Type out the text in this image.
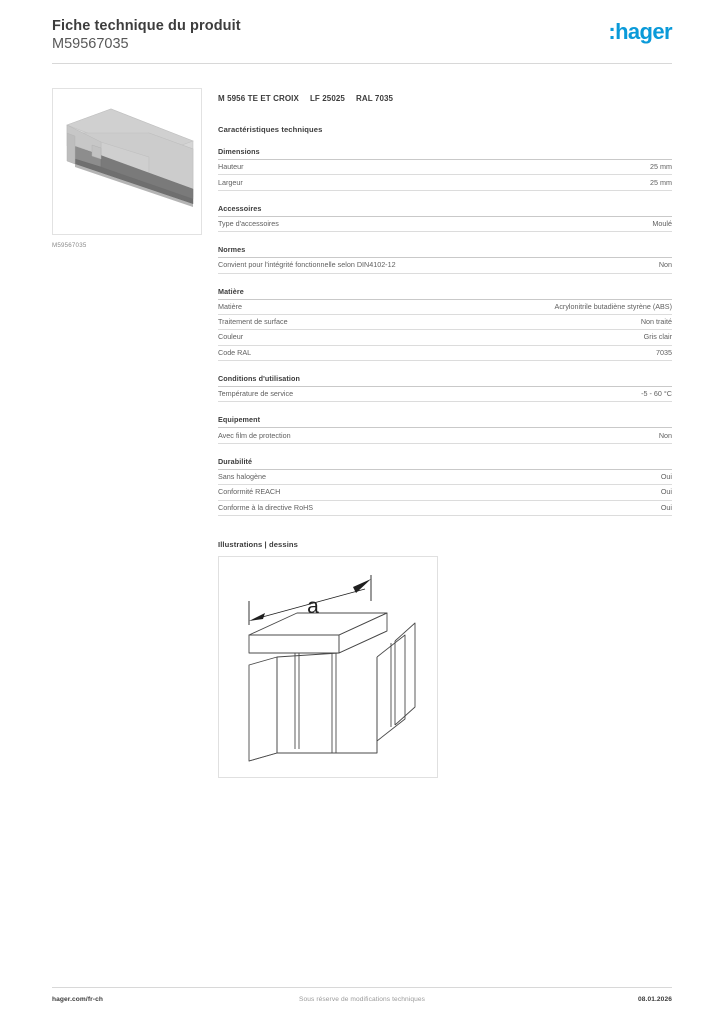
Fiche technique du produit
M59567035	:hager
M59567035
M 5956 TE ET CROIX LF 25025 RAL 7035
Caractéristiques techniques
Dimensions
Hauteur	25 mm
Largeur	25 mm
Accessoires
Type d'accessoires	Moulé
Normes
Convient pour l'intégrité fonctionnelle selon DIN4102-12	Non
Matière
Matière	Acrylonitrile butadiène styrène (ABS)
Traitement de surface	Non traité
Couleur	Gris clair
Code RAL	7035
Conditions d'utilisation
Température de service	-5 - 60 °C
Equipement
Avec film de protection	Non
Durabilité
Sans halogène	Oui
Conformité REACH	Oui
Conforme à la directive RoHS	Oui
Illustrations | dessins
a
hager.com/fr-ch	Sous réserve de modifications techniques	08.01.2026
